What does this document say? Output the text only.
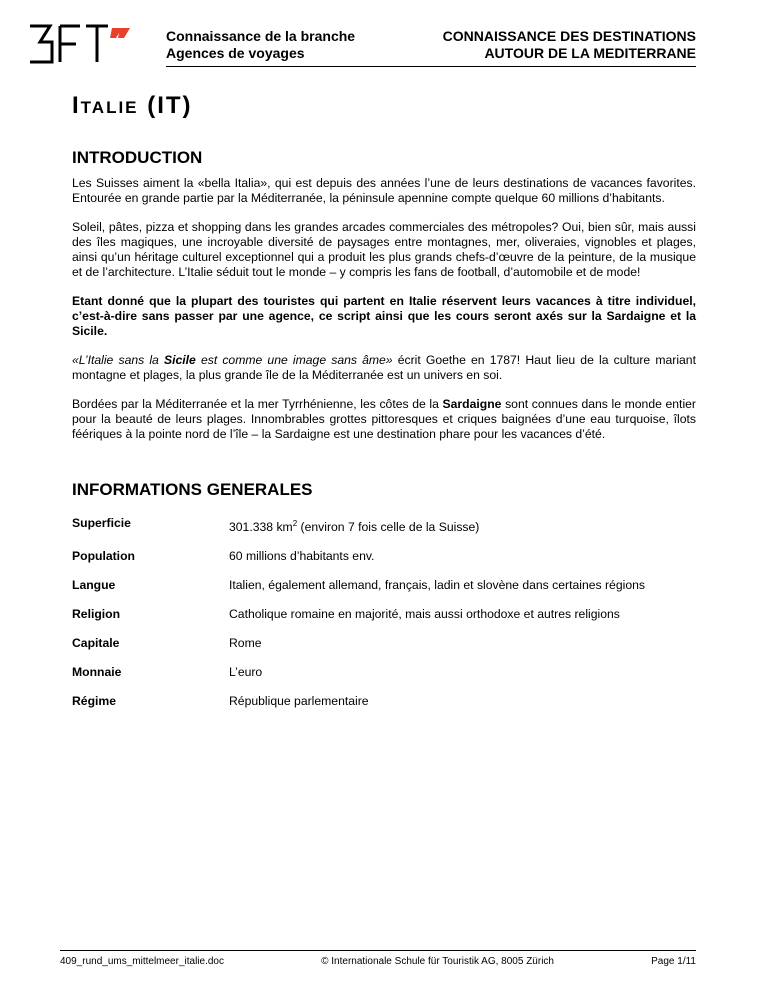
Connaissance de la branche
Agences de voyages
CONNAISSANCE DES DESTINATIONS
AUTOUR DE LA MEDITERRANE
ITALIE (IT)
INTRODUCTION

Les Suisses aiment la «bella Italia», qui est depuis des années l’une de leurs destinations de vacances favorites. Entourée en grande partie par la Méditerranée, la péninsule apennine compte quelque 60 millions d’habitants.

Soleil, pâtes, pizza et shopping dans les grandes arcades commerciales des métropoles? Oui, bien sûr, mais aussi des îles magiques, une incroyable diversité de paysages entre montagnes, mer, oliveraies, vignobles et plages, ainsi qu’un héritage culturel exceptionnel qui a produit les plus grands chefs-d’œuvre de la peinture, de la musique et de l’architecture. L’Italie séduit tout le monde – y compris les fans de football, d’automobile et de mode!

Etant donné que la plupart des touristes qui partent en Italie réservent leurs vacances à titre individuel, c’est-à-dire sans passer par une agence, ce script ainsi que les cours seront axés sur la Sardaigne et la Sicile.

«L’Italie sans la Sicile est comme une image sans âme» écrit Goethe en 1787! Haut lieu de la culture mariant montagne et plages, la plus grande île de la Méditerranée est un univers en soi.

Bordées par la Méditerranée et la mer Tyrrhénienne, les côtes de la Sardaigne sont connues dans le monde entier pour la beauté de leurs plages. Innombrables grottes pittoresques et criques baignées d’une eau turquoise, îlots féériques à la pointe nord de l’île – la Sardaigne est une destination phare pour les vacances d’été.

INFORMATIONS GENERALES
Superficie	301.338 $km^2$ (environ 7 fois celle de la Suisse)
Population	60 millions d’habitants env.
Langue	Italien, également allemand, français, ladin et slovène dans certaines régions
Religion	Catholique romaine en majorité, mais aussi orthodoxe et autres religions
Capitale	Rome
Monnaie	L’euro
Régime	République parlementaire
409_rund_ums_mittelmeer_italie.doc	© Internationale Schule für Touristik AG, 8005 Zürich	Page 1/11
